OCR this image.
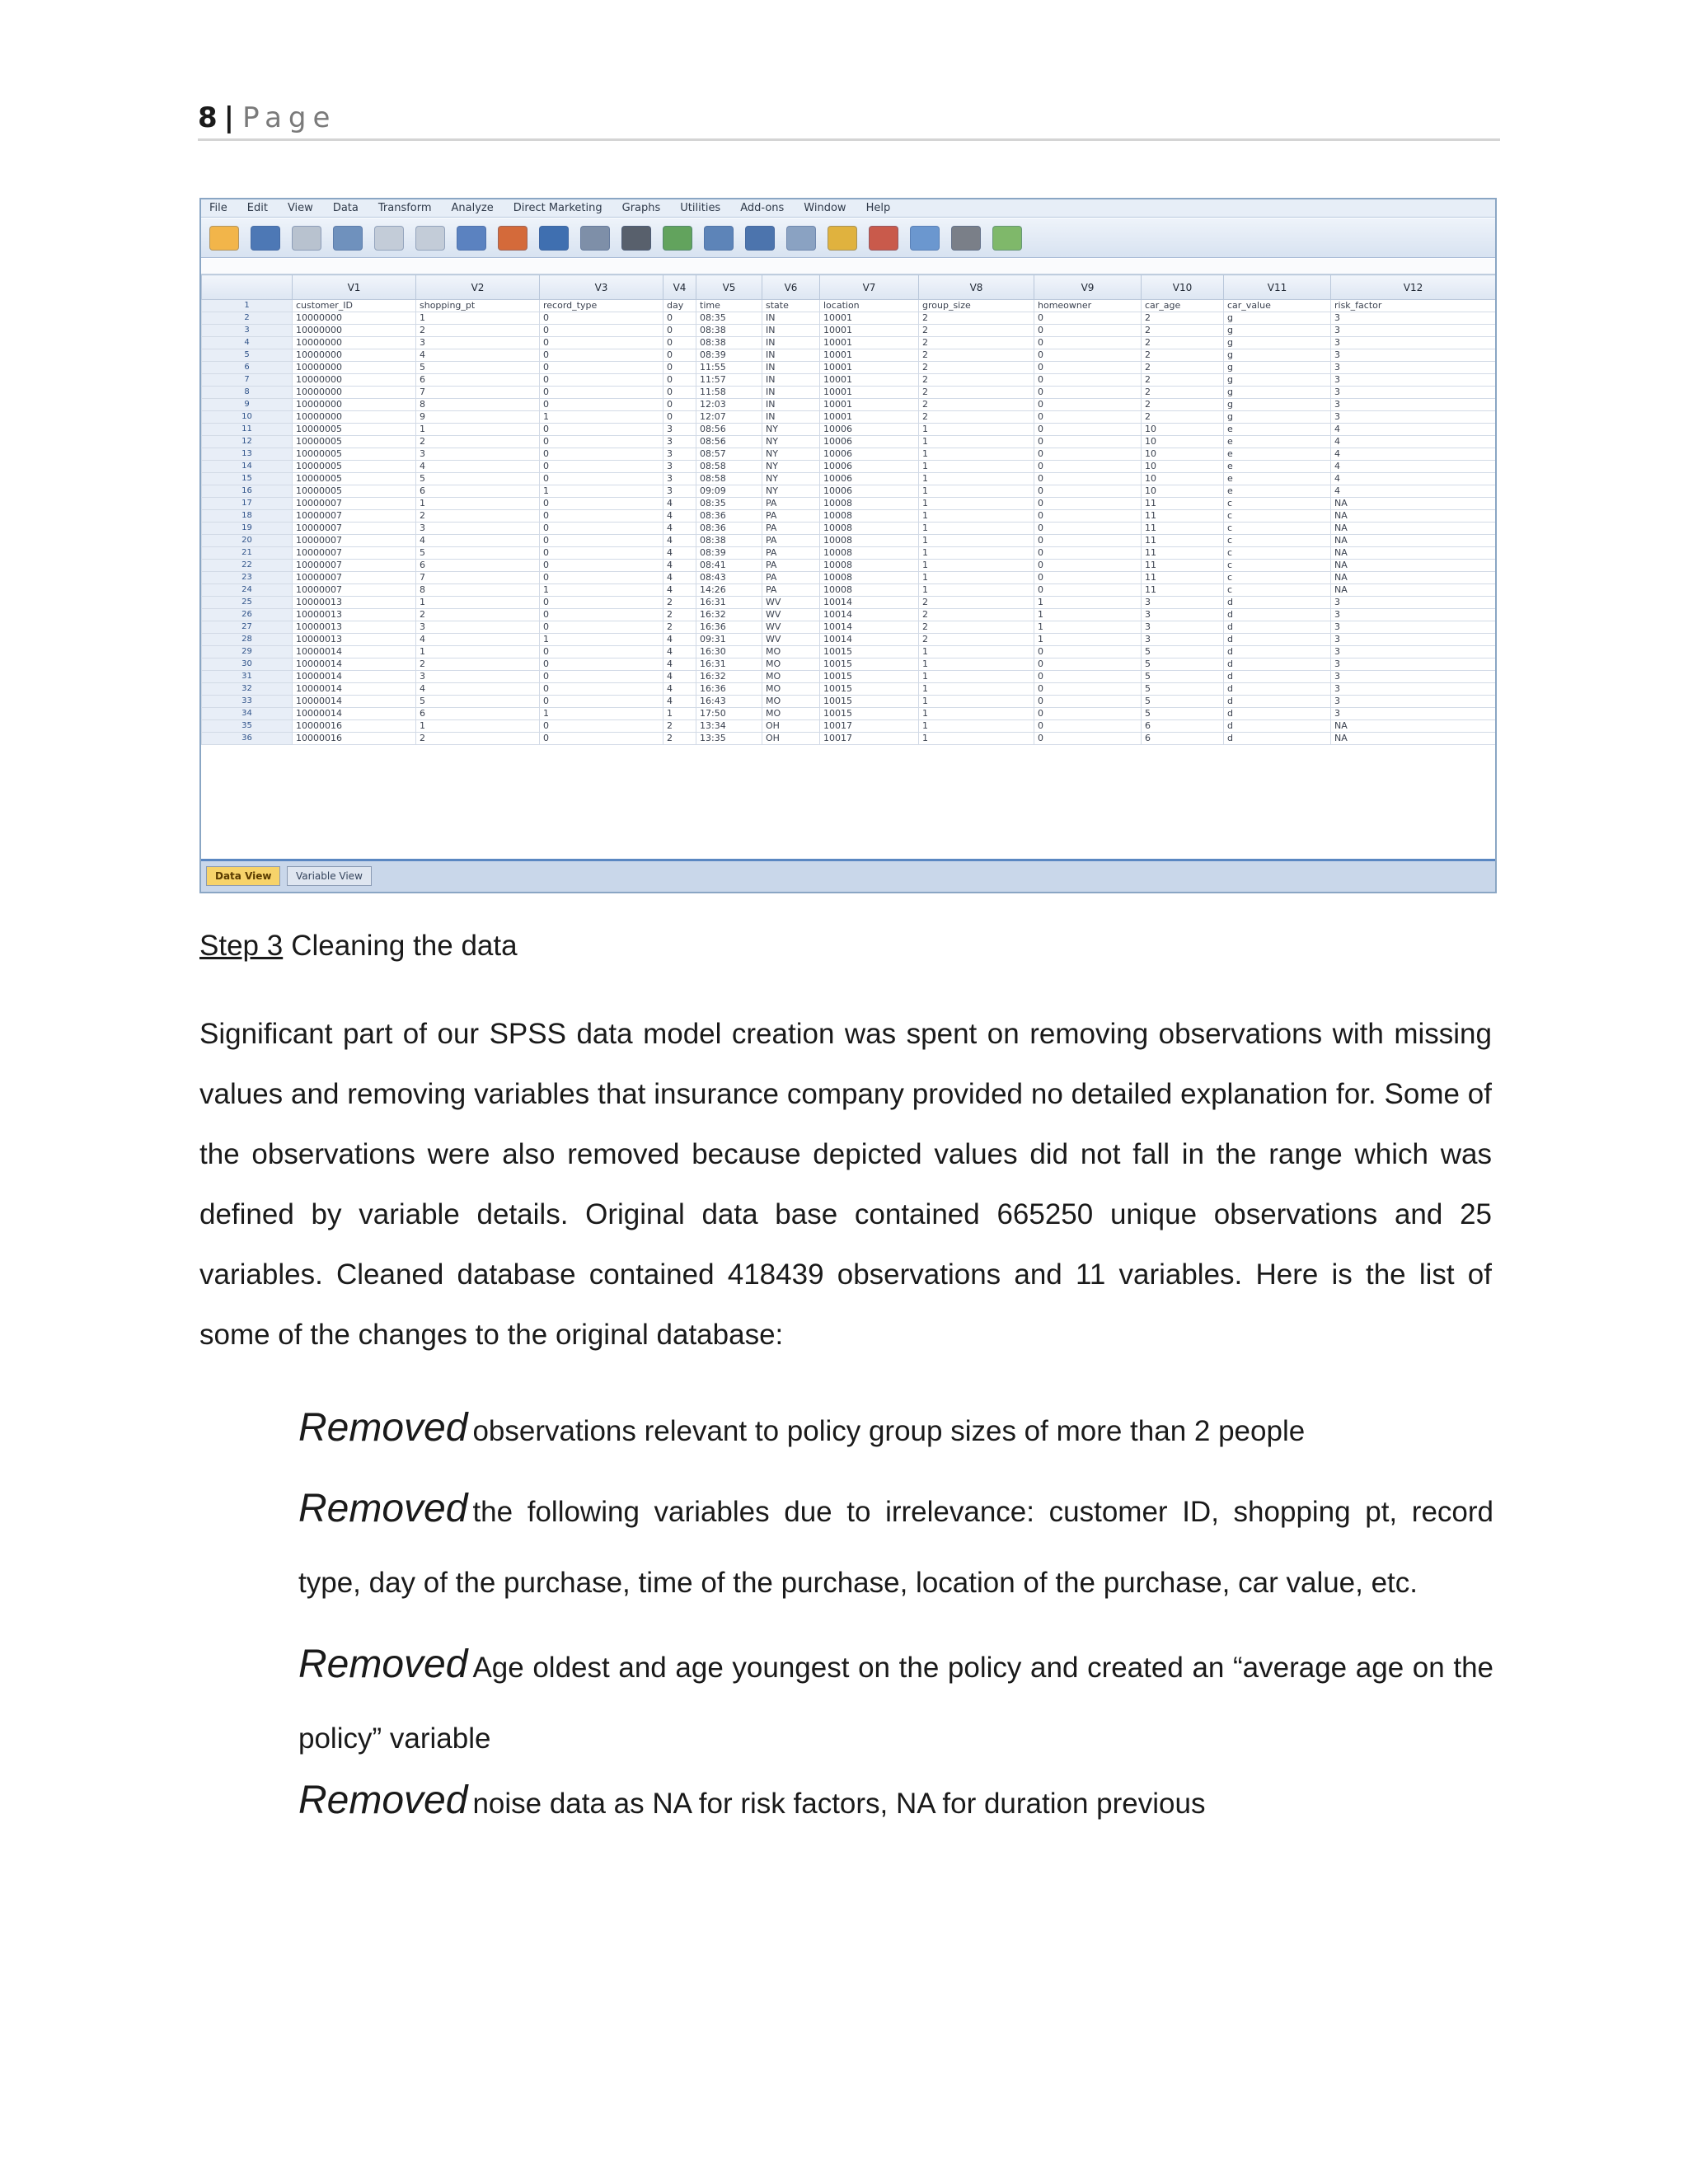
8 | Page
File Edit View Data Transform Analyze Direct Marketing Graphs Utilities Add-ons Window Help
	V1	V2	V3	V4	V5	V6	V7	V8	V9	V10	V11	V12
1	customer_ID	shopping_pt	record_type	day	time	state	location	group_size	homeowner	car_age	car_value	risk_factor
2	10000000	1	0	0	08:35	IN	10001	2	0	2	g	3
3	10000000	2	0	0	08:38	IN	10001	2	0	2	g	3
4	10000000	3	0	0	08:38	IN	10001	2	0	2	g	3
5	10000000	4	0	0	08:39	IN	10001	2	0	2	g	3
6	10000000	5	0	0	11:55	IN	10001	2	0	2	g	3
7	10000000	6	0	0	11:57	IN	10001	2	0	2	g	3
8	10000000	7	0	0	11:58	IN	10001	2	0	2	g	3
9	10000000	8	0	0	12:03	IN	10001	2	0	2	g	3
10	10000000	9	1	0	12:07	IN	10001	2	0	2	g	3
11	10000005	1	0	3	08:56	NY	10006	1	0	10	e	4
12	10000005	2	0	3	08:56	NY	10006	1	0	10	e	4
13	10000005	3	0	3	08:57	NY	10006	1	0	10	e	4
14	10000005	4	0	3	08:58	NY	10006	1	0	10	e	4
15	10000005	5	0	3	08:58	NY	10006	1	0	10	e	4
16	10000005	6	1	3	09:09	NY	10006	1	0	10	e	4
17	10000007	1	0	4	08:35	PA	10008	1	0	11	c	NA
18	10000007	2	0	4	08:36	PA	10008	1	0	11	c	NA
19	10000007	3	0	4	08:36	PA	10008	1	0	11	c	NA
20	10000007	4	0	4	08:38	PA	10008	1	0	11	c	NA
21	10000007	5	0	4	08:39	PA	10008	1	0	11	c	NA
22	10000007	6	0	4	08:41	PA	10008	1	0	11	c	NA
23	10000007	7	0	4	08:43	PA	10008	1	0	11	c	NA
24	10000007	8	1	4	14:26	PA	10008	1	0	11	c	NA
25	10000013	1	0	2	16:31	WV	10014	2	1	3	d	3
26	10000013	2	0	2	16:32	WV	10014	2	1	3	d	3
27	10000013	3	0	2	16:36	WV	10014	2	1	3	d	3
28	10000013	4	1	4	09:31	WV	10014	2	1	3	d	3
29	10000014	1	0	4	16:30	MO	10015	1	0	5	d	3
30	10000014	2	0	4	16:31	MO	10015	1	0	5	d	3
31	10000014	3	0	4	16:32	MO	10015	1	0	5	d	3
32	10000014	4	0	4	16:36	MO	10015	1	0	5	d	3
33	10000014	5	0	4	16:43	MO	10015	1	0	5	d	3
34	10000014	6	1	1	17:50	MO	10015	1	0	5	d	3
35	10000016	1	0	2	13:34	OH	10017	1	0	6	d	NA
36	10000016	2	0	2	13:35	OH	10017	1	0	6	d	NA
Data View	Variable View
Step 3 Cleaning the data
Significant part of our SPSS data model creation was spent on removing observations with missing values and removing variables that insurance company provided no detailed explanation for. Some of the observations were also removed because depicted values did not fall in the range which was defined by variable details. Original data base contained 665250 unique observations and 25 variables. Cleaned database contained 418439 observations and 11 variables. Here is the list of some of the changes to the original database:
Removed observations relevant to policy group sizes of more than 2 people
Removed the following variables due to irrelevance: customer ID, shopping pt, record type, day of the purchase, time of the purchase, location of the purchase, car value, etc.
Removed Age oldest and age youngest on the policy and created an “average age on the policy” variable
Removed noise data as NA for risk factors, NA for duration previous
